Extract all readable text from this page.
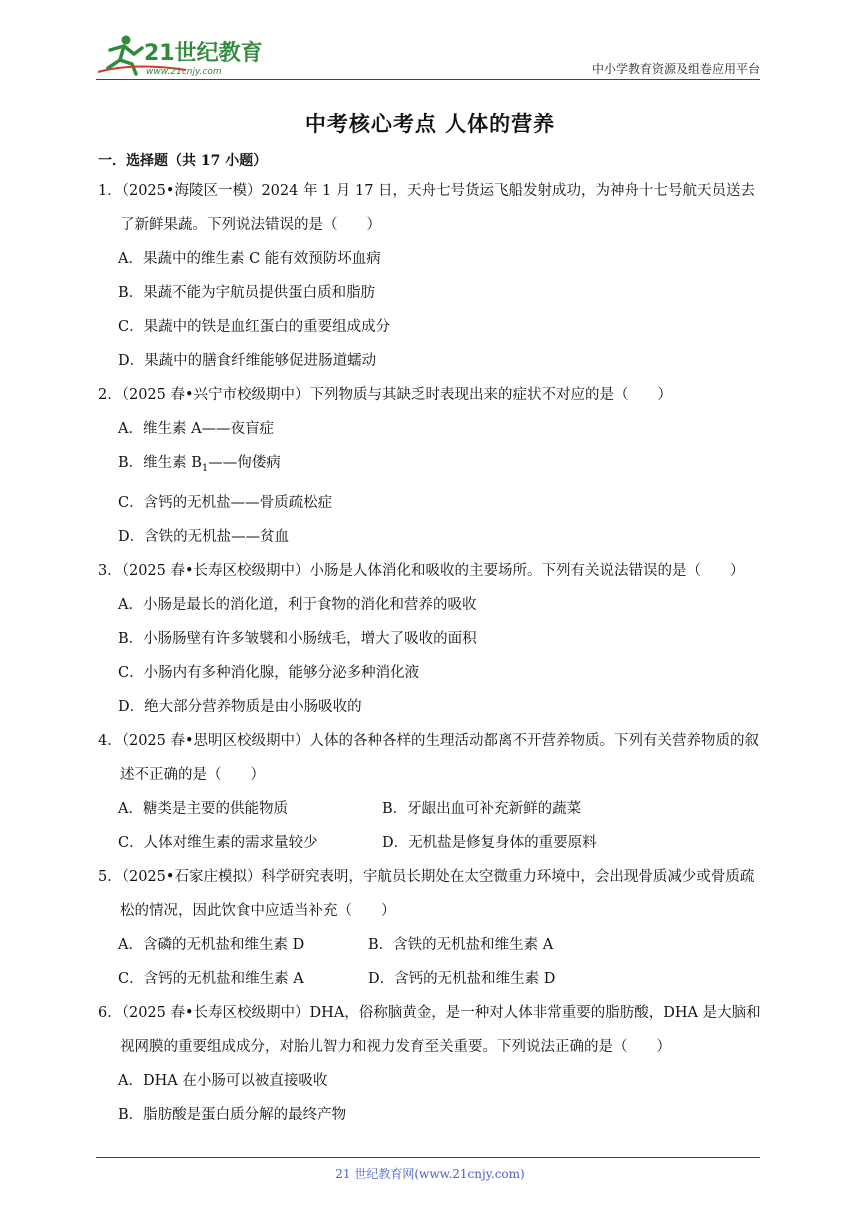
21世纪教育
www.21cnjy.com	中小学教育资源及组卷应用平台
中考核心考点 人体的营养
一．选择题（共 17 小题）

1．（2025•海陵区一模）2024 年 1 月 17 日，天舟七号货运飞船发射成功，为神舟十七号航天员送去了新鲜果蔬。下列说法错误的是（　　）

A．果蔬中的维生素 C 能有效预防坏血病

B．果蔬不能为宇航员提供蛋白质和脂肪

C．果蔬中的铁是血红蛋白的重要组成成分

D．果蔬中的膳食纤维能够促进肠道蠕动

2．（2025 春•兴宁市校级期中）下列物质与其缺乏时表现出来的症状不对应的是（　　）

A．维生素 A——夜盲症

B．维生素 $B_1——$佝偻病

C．含钙的无机盐——骨质疏松症

D．含铁的无机盐——贫血

3．（2025 春•长寿区校级期中）小肠是人体消化和吸收的主要场所。下列有关说法错误的是（　　）

A．小肠是最长的消化道，利于食物的消化和营养的吸收

B．小肠肠壁有许多皱襞和小肠绒毛，增大了吸收的面积

C．小肠内有多种消化腺，能够分泌多种消化液

D．绝大部分营养物质是由小肠吸收的

4．（2025 春•思明区校级期中）人体的各种各样的生理活动都离不开营养物质。下列有关营养物质的叙述不正确的是（　　）

A．糖类是主要的供能物质	B．牙龈出血可补充新鲜的蔬菜
C．人体对维生素的需求量较少	D．无机盐是修复身体的重要原料

5．（2025•石家庄模拟）科学研究表明，宇航员长期处在太空微重力环境中，会出现骨质减少或骨质疏松的情况，因此饮食中应适当补充（　　）

A．含磷的无机盐和维生素 D	B．含铁的无机盐和维生素 A
C．含钙的无机盐和维生素 A	D．含钙的无机盐和维生素 D

6．（2025 春•长寿区校级期中）DHA，俗称脑黄金，是一种对人体非常重要的脂肪酸，DHA 是大脑和视网膜的重要组成成分，对胎儿智力和视力发育至关重要。下列说法正确的是（　　）

A．DHA 在小肠可以被直接吸收

B．脂肪酸是蛋白质分解的最终产物

21 世纪教育网(www.21cnjy.com)
